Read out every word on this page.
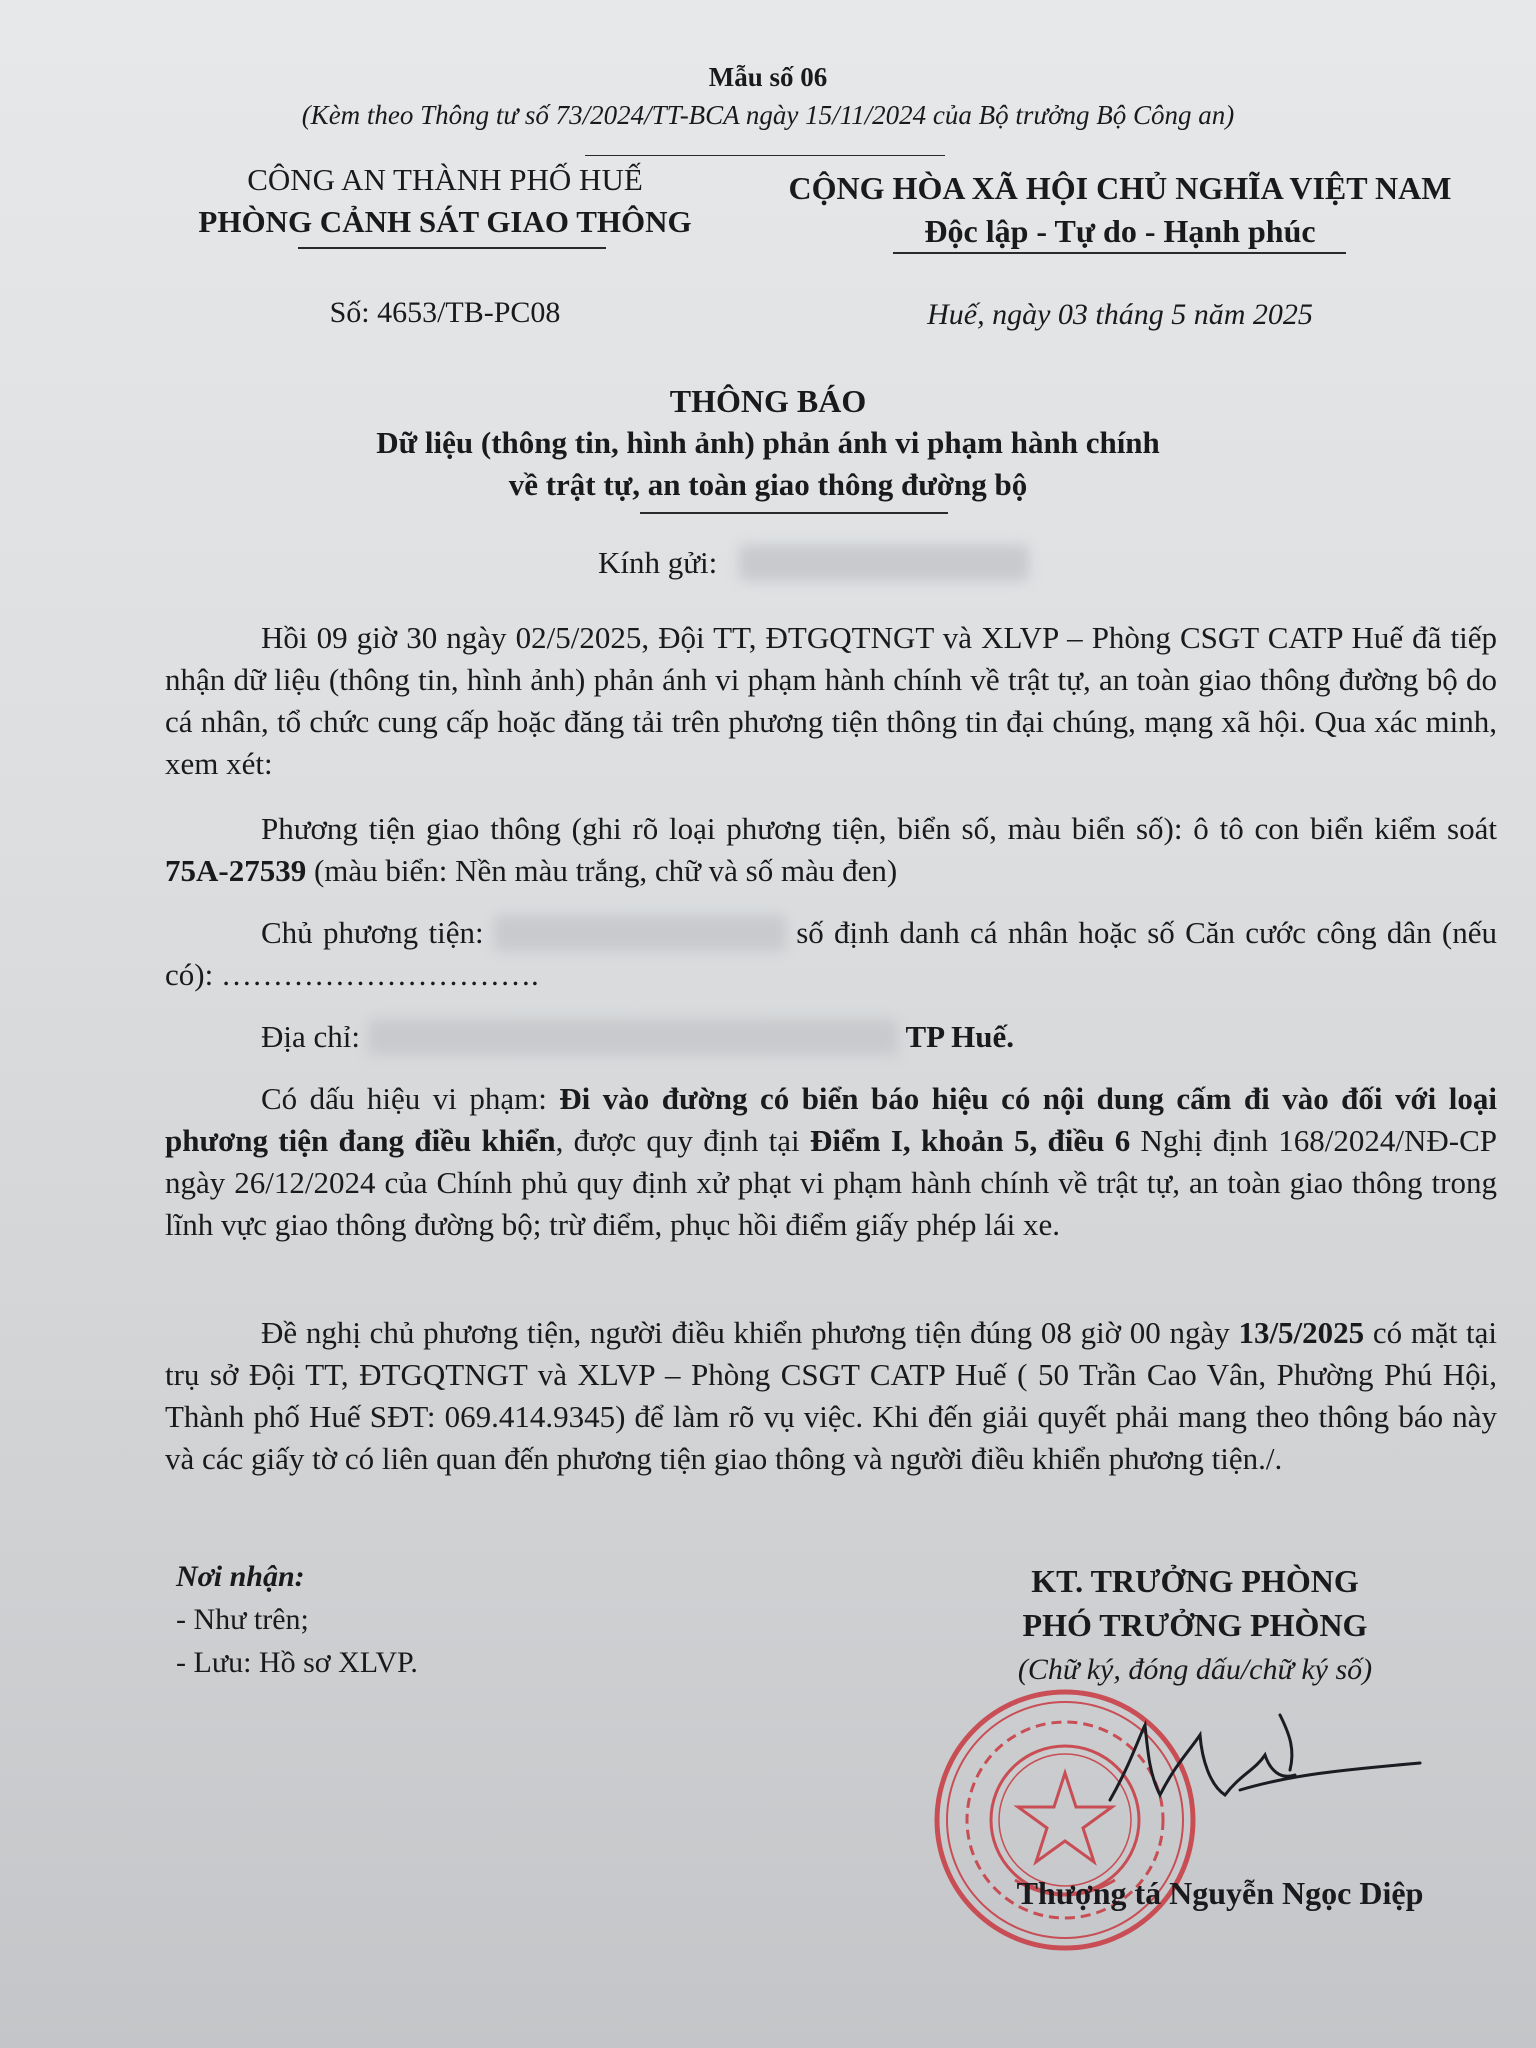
Mẫu số 06
(Kèm theo Thông tư số 73/2024/TT-BCA ngày 15/11/2024 của Bộ trưởng Bộ Công an)
CÔNG AN THÀNH PHỐ HUẾ
PHÒNG CẢNH SÁT GIAO THÔNG
CỘNG HÒA XÃ HỘI CHỦ NGHĨA VIỆT NAM
Độc lập - Tự do - Hạnh phúc
Số: 4653/TB-PC08	Huế, ngày 03 tháng 5 năm 2025
THÔNG BÁO
Dữ liệu (thông tin, hình ảnh) phản ánh vi phạm hành chính
về trật tự, an toàn giao thông đường bộ
Kính gửi:
Hồi 09 giờ 30 ngày 02/5/2025, Đội TT, ĐTGQTNGT và XLVP – Phòng CSGT CATP Huế đã tiếp nhận dữ liệu (thông tin, hình ảnh) phản ánh vi phạm hành chính về trật tự, an toàn giao thông đường bộ do cá nhân, tổ chức cung cấp hoặc đăng tải trên phương tiện thông tin đại chúng, mạng xã hội. Qua xác minh, xem xét:
Phương tiện giao thông (ghi rõ loại phương tiện, biển số, màu biển số): ô tô con biển kiểm soát 75A-27539 (màu biển: Nền màu trắng, chữ và số màu đen)
Chủ phương tiện:	số định danh cá nhân hoặc số Căn cước công dân (nếu có): ………………………….
Địa chỉ:	TP Huế.
Có dấu hiệu vi phạm: Đi vào đường có biển báo hiệu có nội dung cấm đi vào đối với loại phương tiện đang điều khiển, được quy định tại Điểm I, khoản 5, điều 6 Nghị định 168/2024/NĐ-CP ngày 26/12/2024 của Chính phủ quy định xử phạt vi phạm hành chính về trật tự, an toàn giao thông trong lĩnh vực giao thông đường bộ; trừ điểm, phục hồi điểm giấy phép lái xe.
Đề nghị chủ phương tiện, người điều khiển phương tiện đúng 08 giờ 00 ngày 13/5/2025 có mặt tại trụ sở Đội TT, ĐTGQTNGT và XLVP – Phòng CSGT CATP Huế ( 50 Trần Cao Vân, Phường Phú Hội, Thành phố Huế SĐT: 069.414.9345) để làm rõ vụ việc. Khi đến giải quyết phải mang theo thông báo này và các giấy tờ có liên quan đến phương tiện giao thông và người điều khiển phương tiện./.
Nơi nhận:
- Như trên;
- Lưu: Hồ sơ XLVP.
KT. TRƯỞNG PHÒNG
PHÓ TRƯỞNG PHÒNG
(Chữ ký, đóng dấu/chữ ký số)
Thượng tá Nguyễn Ngọc Diệp
